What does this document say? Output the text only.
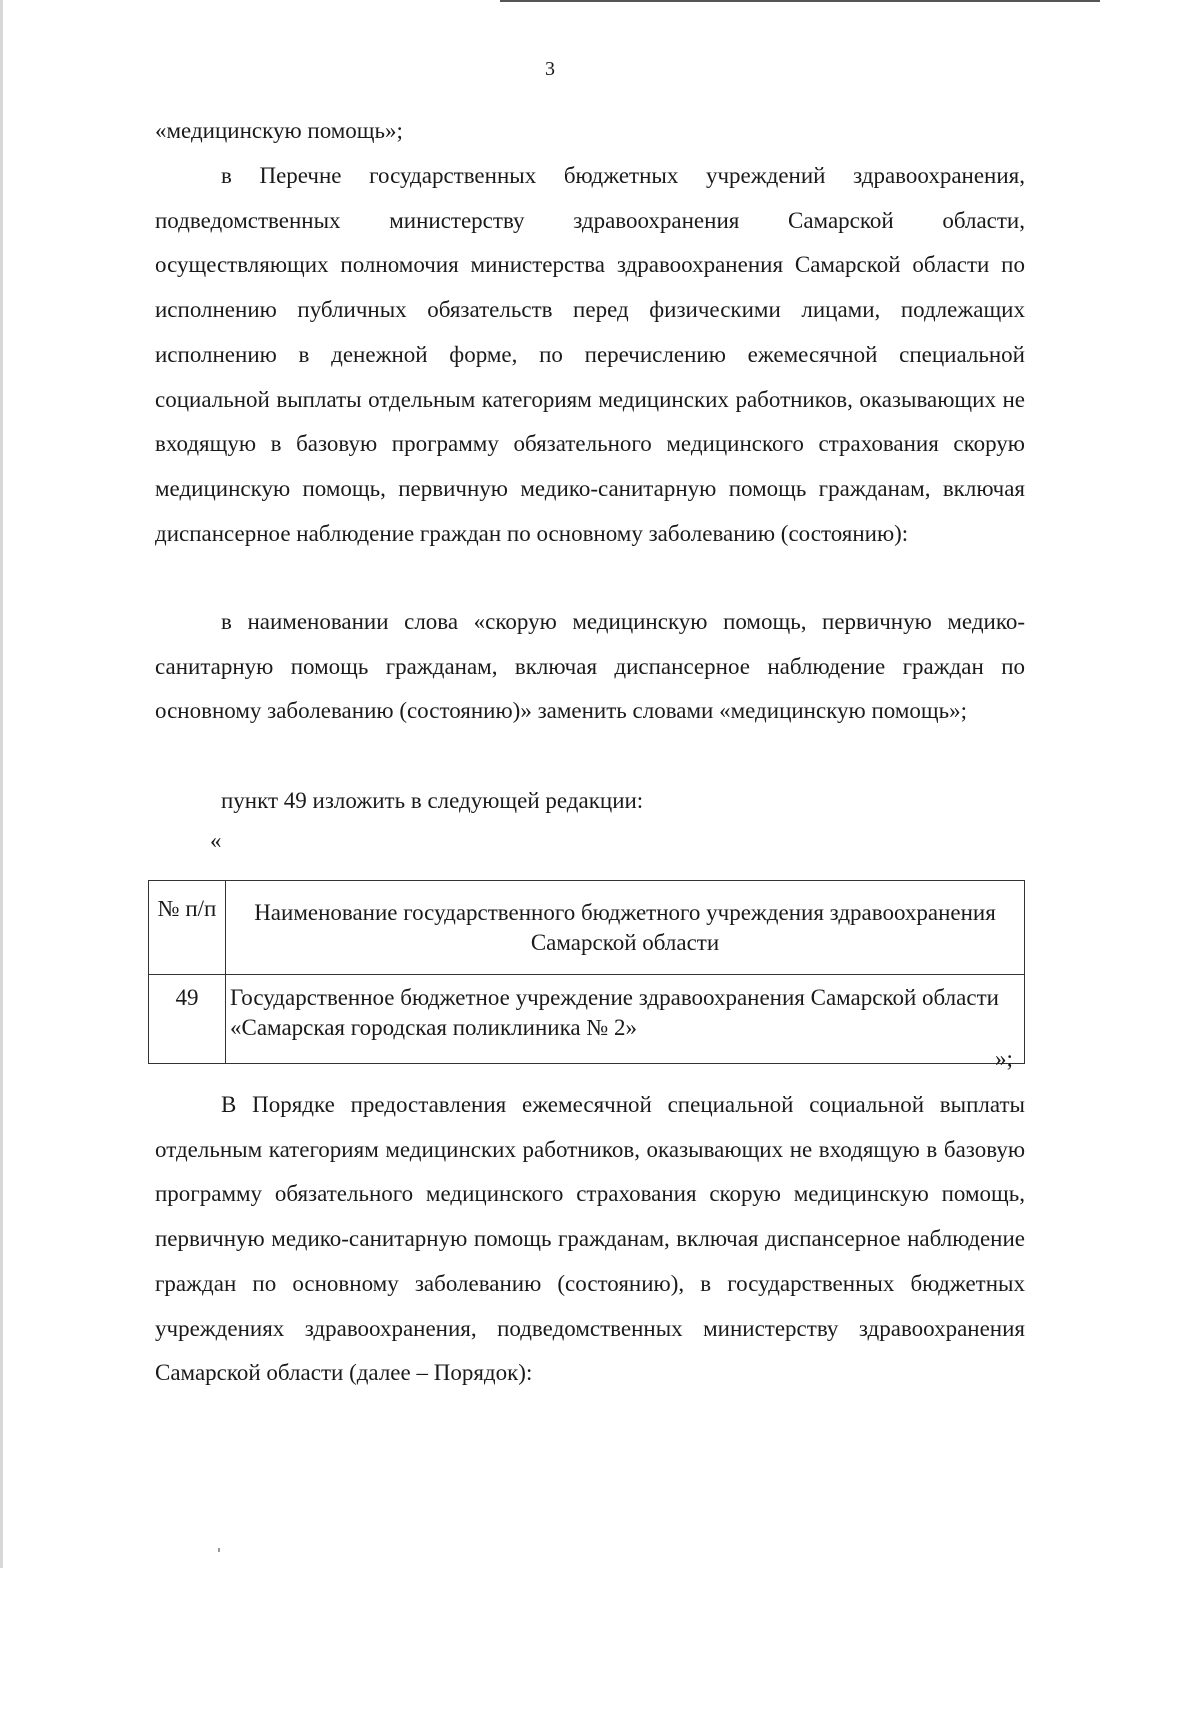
3

«медицинскую помощь»;

в Перечне государственных бюджетных учреждений здравоохранения, подведомственных министерству здравоохранения Самарской области, осуществляющих полномочия министерства здравоохранения Самарской области по исполнению публичных обязательств перед физическими лицами, подлежащих исполнению в денежной форме, по перечислению ежемесячной специальной социальной выплаты отдельным категориям медицинских работников, оказывающих не входящую в базовую программу обязательного медицинского страхования скорую медицинскую помощь, первичную медико-санитарную помощь гражданам, включая диспансерное наблюдение граждан по основному заболеванию (состоянию):

в наименовании слова «скорую медицинскую помощь, первичную медико-санитарную помощь гражданам, включая диспансерное наблюдение граждан по основному заболеванию (состоянию)» заменить словами «медицинскую помощь»;

пункт 49 изложить в следующей редакции:

«
№ п/п	Наименование государственного бюджетного учреждения здравоохранения Самарской области
49	Государственное бюджетное учреждение здравоохранения Самарской области «Самарская городская поликлиника № 2»
»;

В Порядке предоставления ежемесячной специальной социальной выплаты отдельным категориям медицинских работников, оказывающих не входящую в базовую программу обязательного медицинского страхования скорую медицинскую помощь, первичную медико-санитарную помощь гражданам, включая диспансерное наблюдение граждан по основному заболеванию (состоянию), в государственных бюджетных учреждениях здравоохранения, подведомственных министерству здравоохранения Самарской области (далее – Порядок):
